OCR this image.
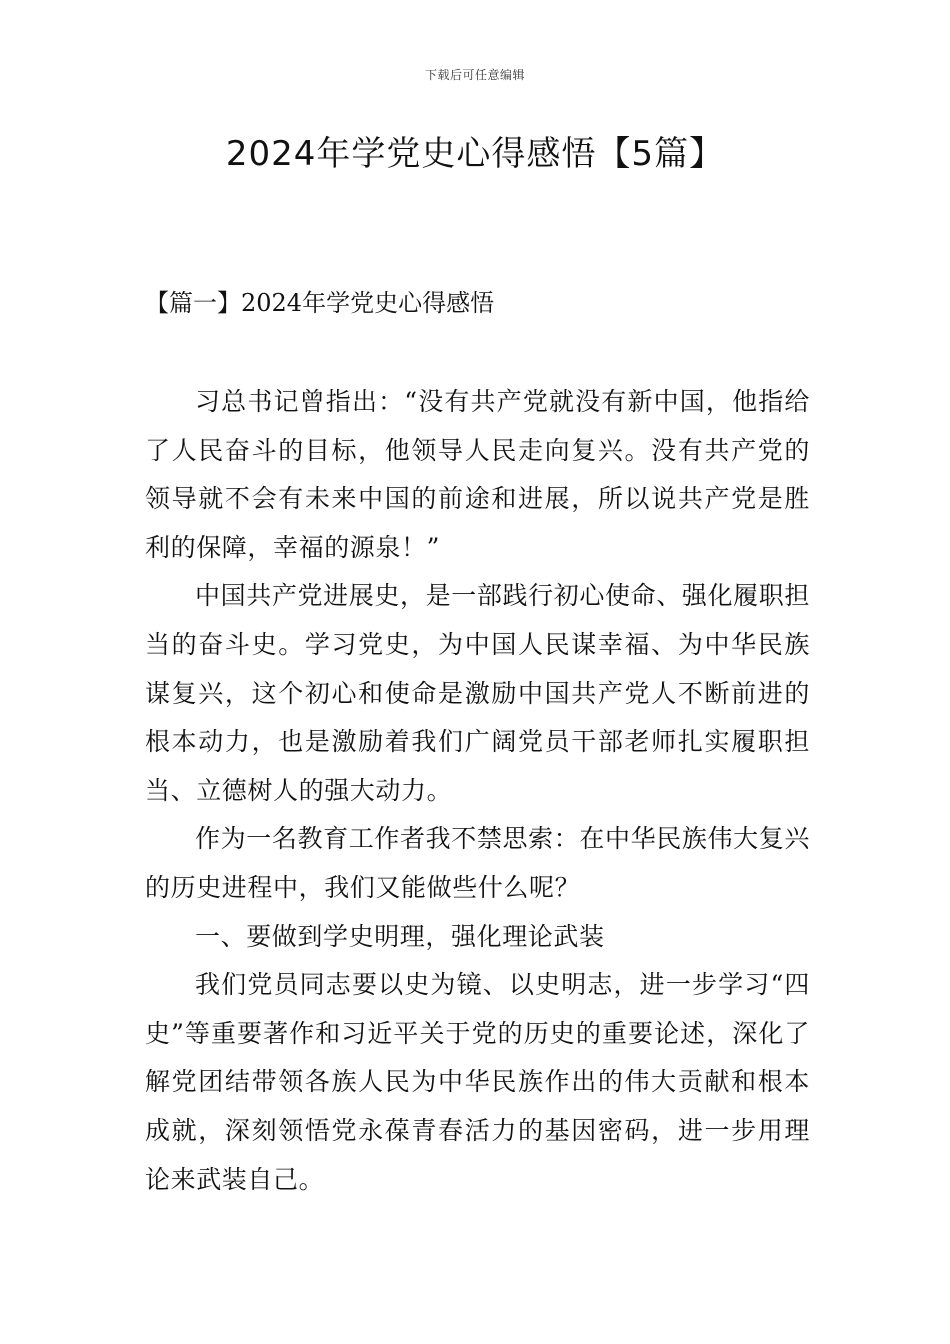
下载后可任意编辑
2024年学党史心得感悟【5篇】
【篇一】2024年学党史心得感悟

习总书记曾指出：“没有共产党就没有新中国，他指给了人民奋斗的目标，他领导人民走向复兴。没有共产党的领导就不会有未来中国的前途和进展，所以说共产党是胜利的保障，幸福的源泉！”

中国共产党进展史，是一部践行初心使命、强化履职担当的奋斗史。学习党史，为中国人民谋幸福、为中华民族谋复兴，这个初心和使命是激励中国共产党人不断前进的根本动力，也是激励着我们广阔党员干部老师扎实履职担当、立德树人的强大动力。

作为一名教育工作者我不禁思索：在中华民族伟大复兴的历史进程中，我们又能做些什么呢？

一、要做到学史明理，强化理论武装

我们党员同志要以史为镜、以史明志，进一步学习“四史”等重要著作和习近平关于党的历史的重要论述，深化了解党团结带领各族人民为中华民族作出的伟大贡献和根本成就，深刻领悟党永葆青春活力的基因密码，进一步用理论来武装自己。
